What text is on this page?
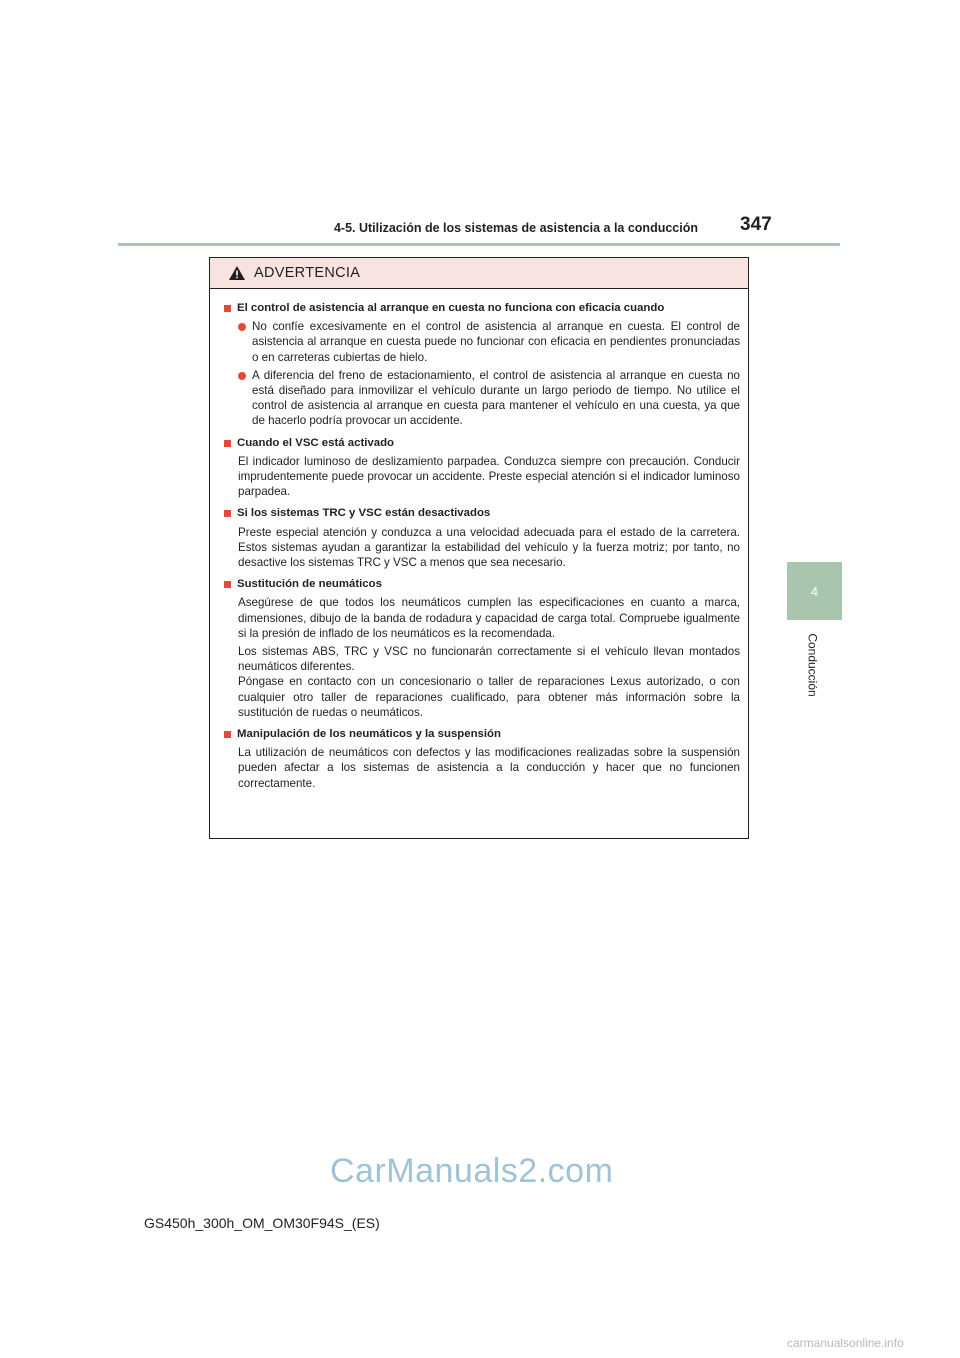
4-5. Utilización de los sistemas de asistencia a la conducción 347
4
Conducción
ADVERTENCIA
El control de asistencia al arranque en cuesta no funciona con eficacia cuando
No confíe excesivamente en el control de asistencia al arranque en cuesta. El control de asistencia al arranque en cuesta puede no funcionar con eficacia en pendientes pronunciadas o en carreteras cubiertas de hielo.
A diferencia del freno de estacionamiento, el control de asistencia al arranque en cuesta no está diseñado para inmovilizar el vehículo durante un largo periodo de tiempo. No utilice el control de asistencia al arranque en cuesta para mantener el vehículo en una cuesta, ya que de hacerlo podría provocar un accidente.
Cuando el VSC está activado
El indicador luminoso de deslizamiento parpadea. Conduzca siempre con precaución. Conducir imprudentemente puede provocar un accidente. Preste especial atención si el indicador luminoso parpadea.
Si los sistemas TRC y VSC están desactivados
Preste especial atención y conduzca a una velocidad adecuada para el estado de la carretera. Estos sistemas ayudan a garantizar la estabilidad del vehículo y la fuerza motriz; por tanto, no desactive los sistemas TRC y VSC a menos que sea necesario.
Sustitución de neumáticos
Asegúrese de que todos los neumáticos cumplen las especificaciones en cuanto a marca, dimensiones, dibujo de la banda de rodadura y capacidad de carga total. Compruebe igualmente si la presión de inflado de los neumáticos es la recomendada.
Los sistemas ABS, TRC y VSC no funcionarán correctamente si el vehículo llevan montados neumáticos diferentes.
Póngase en contacto con un concesionario o taller de reparaciones Lexus autorizado, o con cualquier otro taller de reparaciones cualificado, para obtener más información sobre la sustitución de ruedas o neumáticos.
Manipulación de los neumáticos y la suspensión
La utilización de neumáticos con defectos y las modificaciones realizadas sobre la suspensión pueden afectar a los sistemas de asistencia a la conducción y hacer que no funcionen correctamente.
GS450h_300h_OM_OM30F94S_(ES)
CarManuals2.com
carmanualsonline.info
